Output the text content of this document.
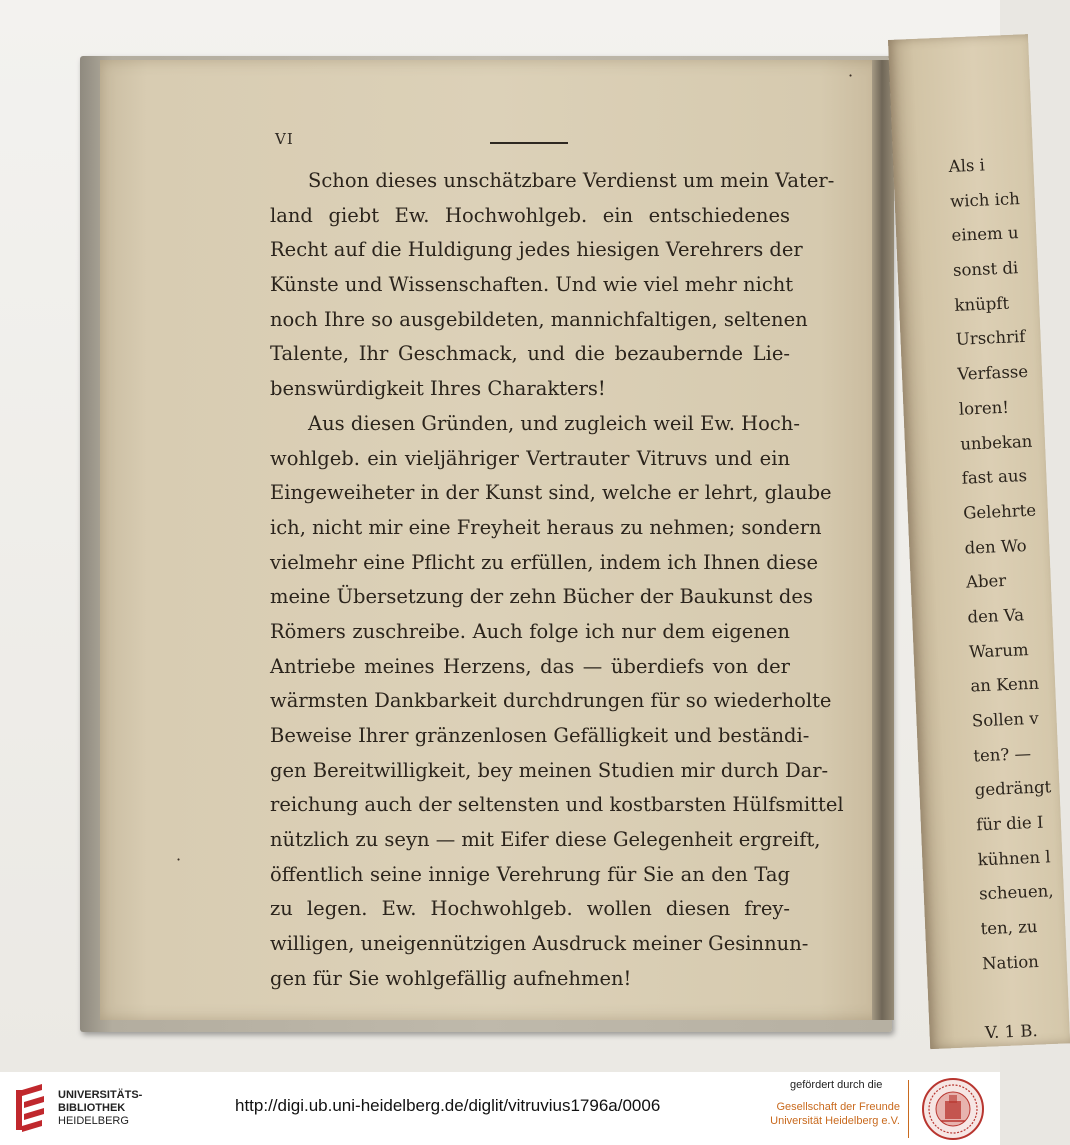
·
·
VI
Schon dieses unschätzbare Verdienst um mein Vater-
land giebt Ew. Hochwohlgeb. ein entschiedenes
Recht auf die Huldigung jedes hiesigen Verehrers der
Künste und Wissenschaften. Und wie viel mehr nicht
noch Ihre so ausgebildeten, mannichfaltigen, seltenen
Talente, Ihr Geschmack, und die bezaubernde Lie-
benswürdigkeit Ihres Charakters!
Aus diesen Gründen, und zugleich weil Ew. Hoch-
wohlgeb. ein vieljähriger Vertrauter Vitruvs und ein
Eingeweiheter in der Kunst sind, welche er lehrt, glaube
ich, nicht mir eine Freyheit heraus zu nehmen; sondern
vielmehr eine Pflicht zu erfüllen, indem ich Ihnen diese
meine Übersetzung der zehn Bücher der Baukunst des
Römers zuschreibe. Auch folge ich nur dem eigenen
Antriebe meines Herzens, das — überdiefs von der
wärmsten Dankbarkeit durchdrungen für so wiederholte
Beweise Ihrer gränzenlosen Gefälligkeit und beständi-
gen Bereitwilligkeit, bey meinen Studien mir durch Dar-
reichung auch der seltensten und kostbarsten Hülfsmittel
nützlich zu seyn — mit Eifer diese Gelegenheit ergreift,
öffentlich seine innige Verehrung für Sie an den Tag
zu legen. Ew. Hochwohlgeb. wollen diesen frey-
willigen, uneigennützigen Ausdruck meiner Gesinnun-
gen für Sie wohlgefällig aufnehmen!
Als i
wich ich
einem u
sonst di
knüpft
Urschrif
Verfasse
loren!
unbekan
fast aus
Gelehrte
den Wo
Aber
den Va
Warum
an Kenn
Sollen v
ten? —
gedrängt
für die I
kühnen l
scheuen,
ten, zu
Nation
V. 1 B.
UNIVERSITÄTS-
BIBLIOTHEK
HEIDELBERG
http://digi.ub.uni-heidelberg.de/diglit/vitruvius1796a/0006
gefördert durch die
Gesellschaft der Freunde
Universität Heidelberg e.V.
